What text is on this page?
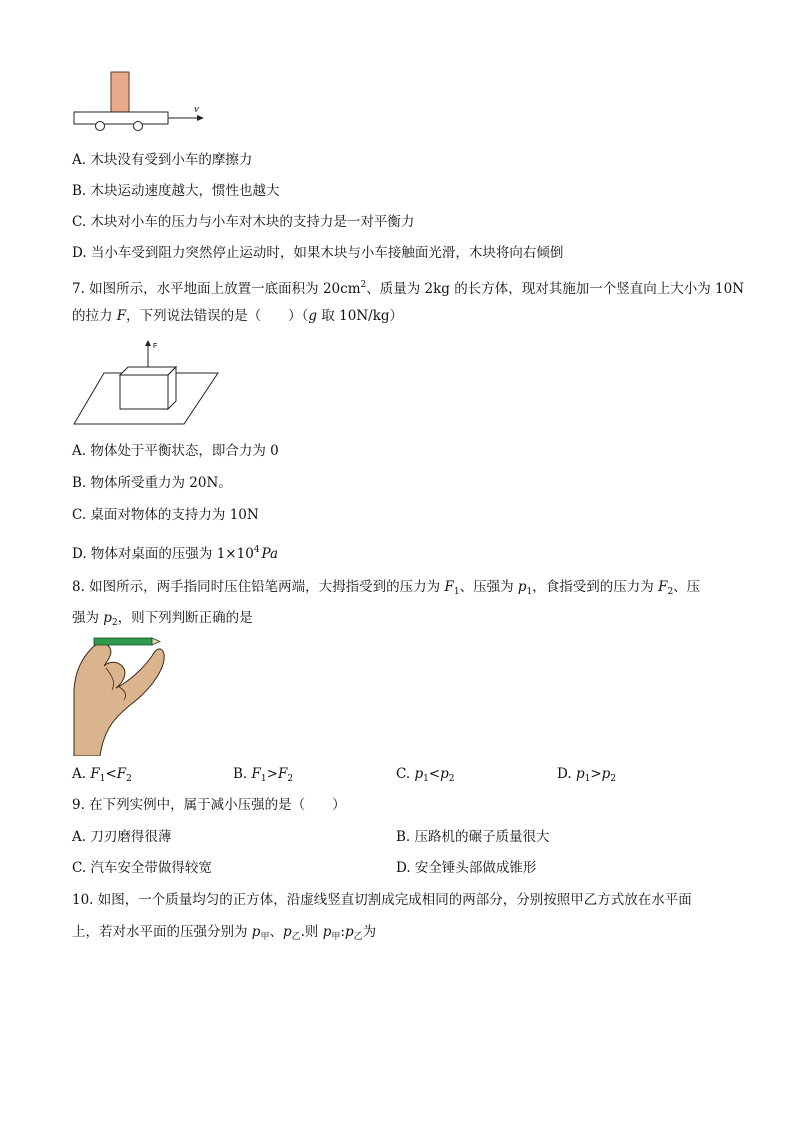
v
A. 木块没有受到小车的摩擦力
B. 木块运动速度越大，惯性也越大
C. 木块对小车的压力与小车对木块的支持力是一对平衡力
D. 当小车受到阻力突然停止运动时，如果木块与小车接触面光滑，木块将向右倾倒
7. 如图所示，水平地面上放置一底面积为 $20cm^2$、质量为 2kg 的长方体，现对其施加一个竖直向上大小为 10N
的拉力 F，下列说法错误的是（　　）（g 取 10N/kg）
F
A. 物体处于平衡状态，即合力为 0
B. 物体所受重力为 20N。
C. 桌面对物体的支持力为 10N
D. 物体对桌面的压强为 $1\times 10^4$ Pa
8. 如图所示，两手指同时压住铅笔两端，大拇指受到的压力为 $F_1$、压强为 $p_1$，食指受到的压力为 $F_2$、压
强为 $p_2$，则下列判断正确的是
A. $F_1<F_2$	B. $F_1>F_2$	C. $p_1<p_2$	D. $p_1>p_2$
9. 在下列实例中，属于减小压强的是（　　）
A. 刀刃磨得很薄	B. 压路机的碾子质量很大
C. 汽车安全带做得较宽	D. 安全锤头部做成锥形
10. 如图，一个质量均匀的正方体，沿虚线竖直切割成完成相同的两部分，分别按照甲乙方式放在水平面
上，若对水平面的压强分别为 $p_甲$、$p_乙$.则 $p_甲:p_乙$为
